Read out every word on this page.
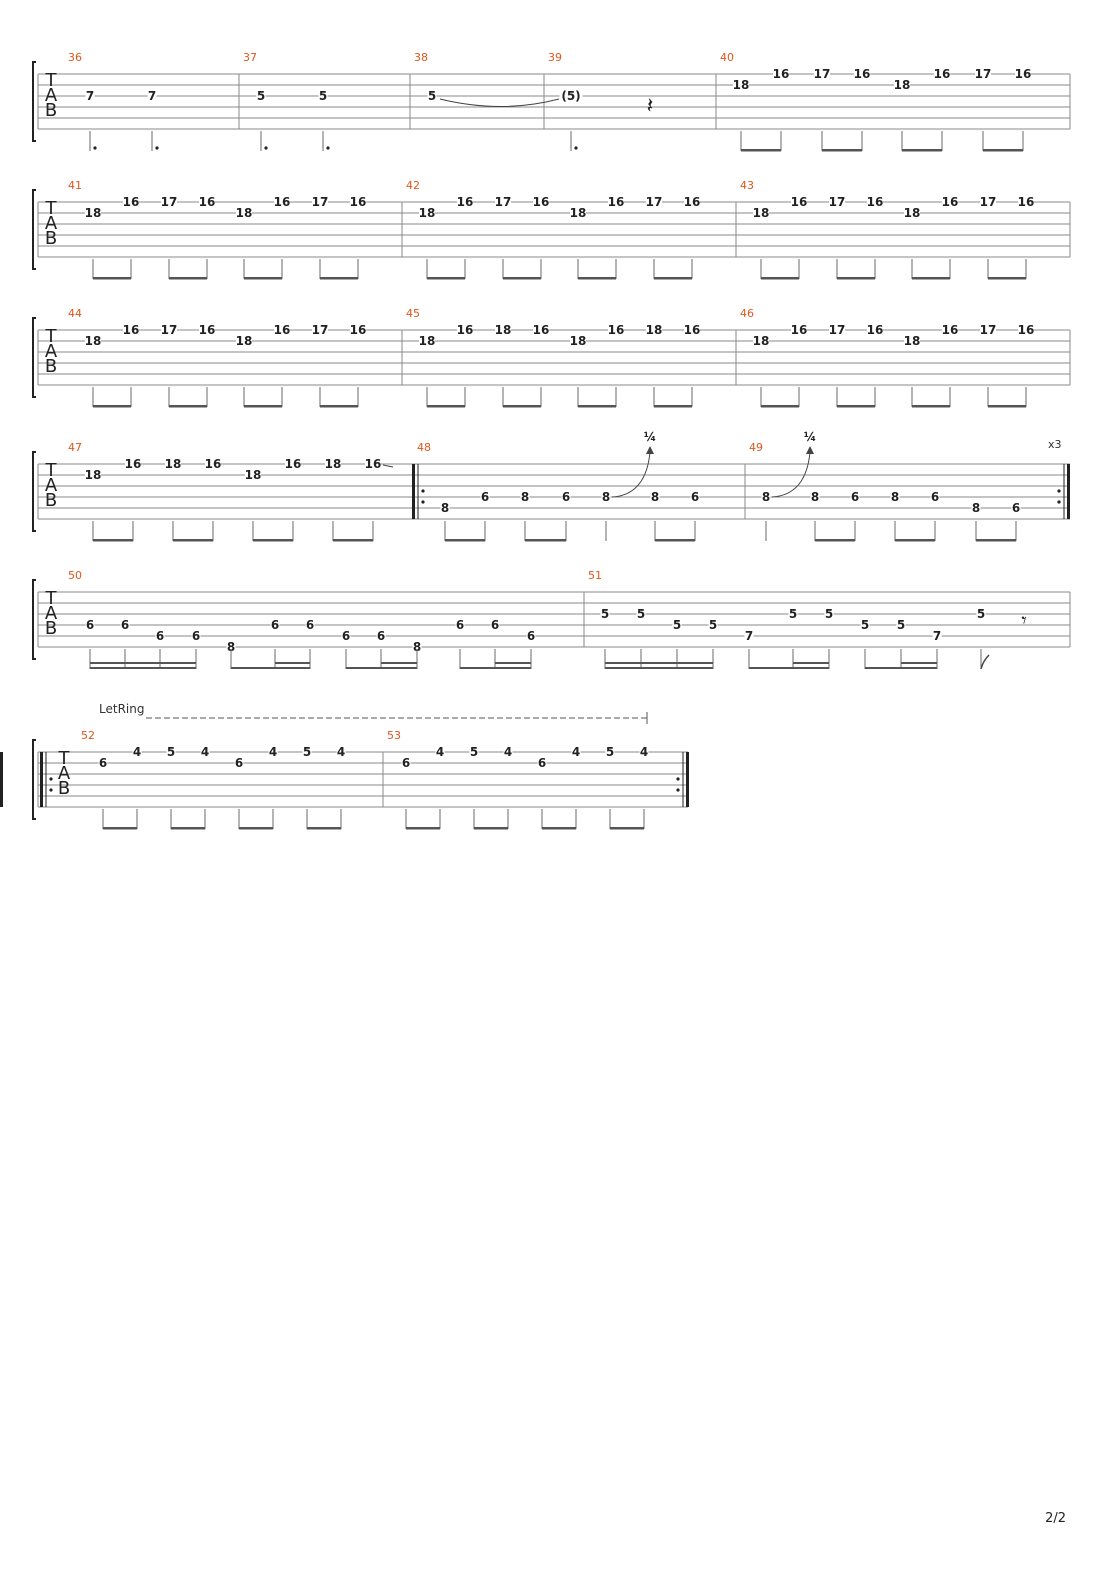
T
A
B
36
7	7
37
5	5
38
5
39
(5)	𝄽
40
18
16 17 16
18
16 17 16
T
A
B
41
18
16 17 16
18
16 17 16
42
18
16 17 16
18
16 17 16
43
18
16 17 16
18
16 17 16
T
A
B
44
18
16 17 16
18
16 17 16
45
18
16 18 16
18
16 18 16
46
18
16 17 16
18
16 17 16
T
A
B
47
18
16 18 16
18
16 18 16
48
8
6	8	6	8
¼
8	6
49
8
¼
8	6	8	6
8	6
x3
T
A
B
50
6 6
6 6
8
6 6
6 6
8
6 6
6
51
5 5
5 5
7
5 5
5 5
7
5 𝄾
T
A
B
52
6
4 5 4
6
4 5 4
53
6
4 5 4
6
4 5 4
LetRing
2/2
